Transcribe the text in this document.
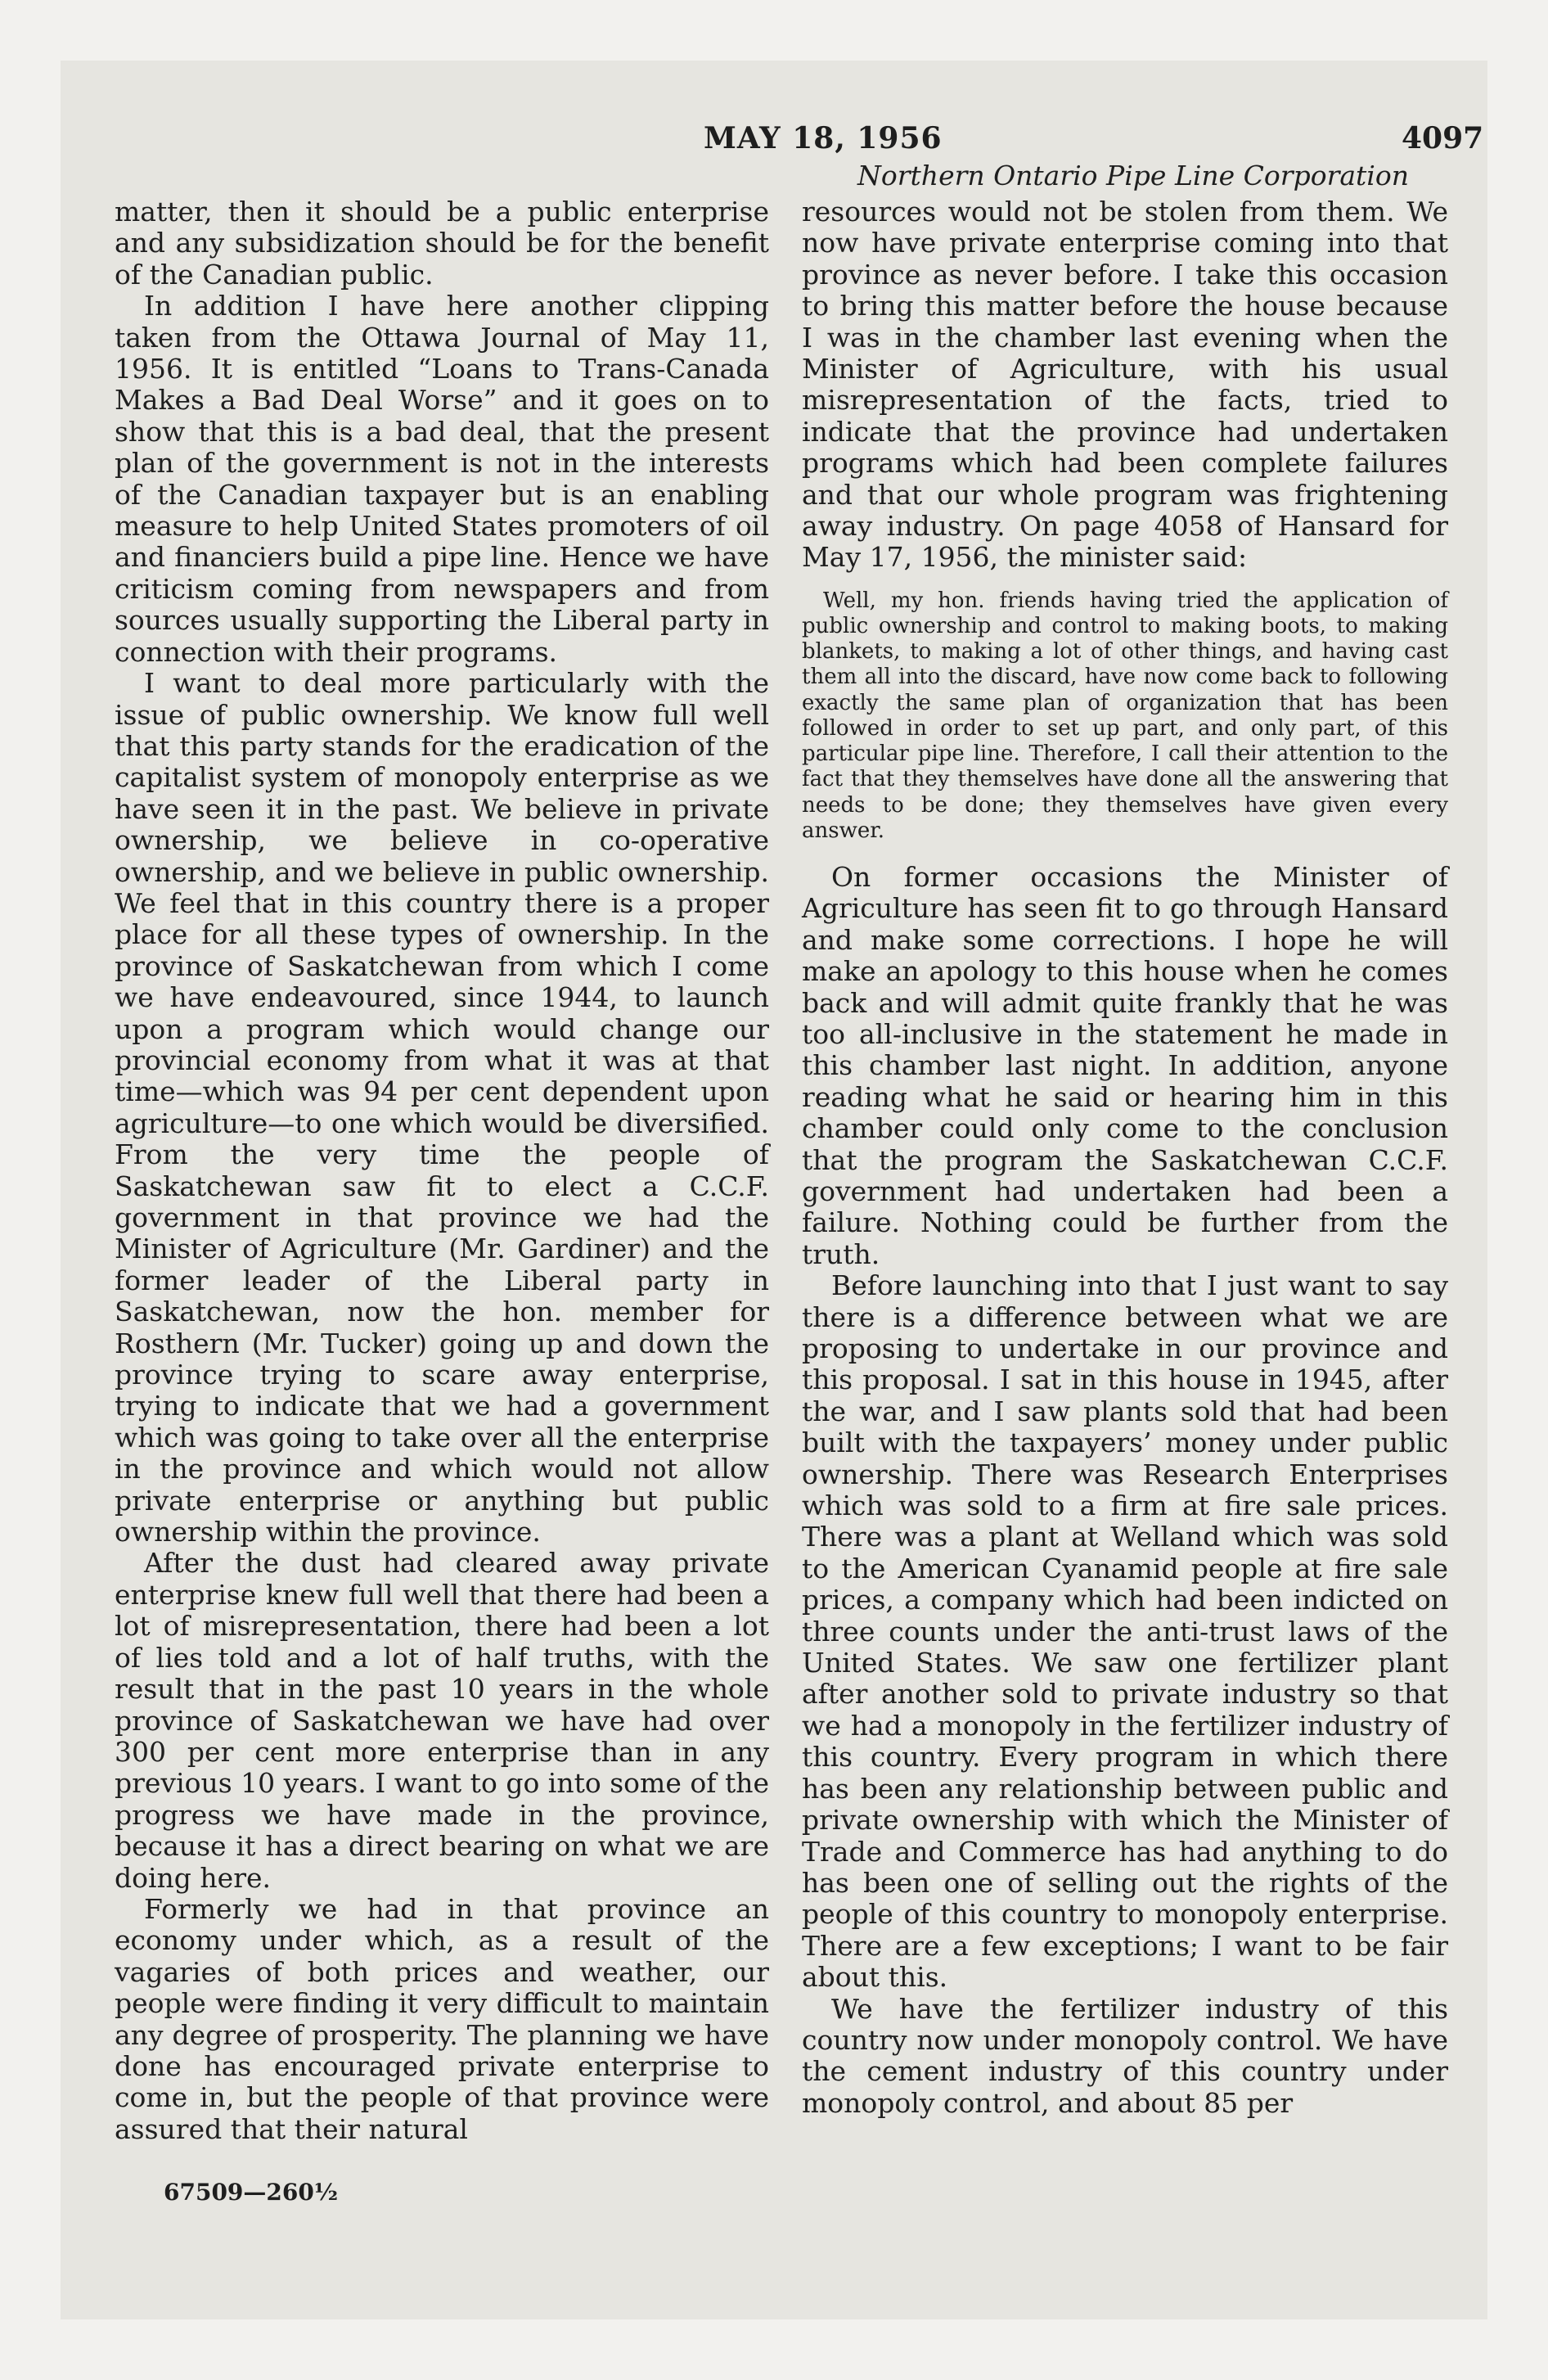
MAY 18, 1956	4097
Northern Ontario Pipe Line Corporation

matter, then it should be a public enterprise and any subsidization should be for the benefit of the Canadian public.

In addition I have here another clipping taken from the Ottawa Journal of May 11, 1956. It is entitled “Loans to Trans-Canada Makes a Bad Deal Worse” and it goes on to show that this is a bad deal, that the present plan of the government is not in the interests of the Canadian taxpayer but is an enabling measure to help United States promoters of oil and financiers build a pipe line. Hence we have criticism coming from newspapers and from sources usually supporting the Liberal party in connection with their programs.

I want to deal more particularly with the issue of public ownership. We know full well that this party stands for the eradication of the capitalist system of monopoly enterprise as we have seen it in the past. We believe in private ownership, we believe in co-operative ownership, and we believe in public ownership. We feel that in this country there is a proper place for all these types of ownership. In the province of Saskatchewan from which I come we have endeavoured, since 1944, to launch upon a program which would change our provincial economy from what it was at that time—which was 94 per cent dependent upon agriculture—to one which would be diversified. From the very time the people of Saskatchewan saw fit to elect a C.C.F. government in that province we had the Minister of Agriculture (Mr. Gardiner) and the former leader of the Liberal party in Saskatchewan, now the hon. member for Rosthern (Mr. Tucker) going up and down the province trying to scare away enterprise, trying to indicate that we had a government which was going to take over all the enterprise in the province and which would not allow private enterprise or anything but public ownership within the province.

After the dust had cleared away private enterprise knew full well that there had been a lot of misrepresentation, there had been a lot of lies told and a lot of half truths, with the result that in the past 10 years in the whole province of Saskatchewan we have had over 300 per cent more enterprise than in any previous 10 years. I want to go into some of the progress we have made in the province, because it has a direct bearing on what we are doing here.

Formerly we had in that province an economy under which, as a result of the vagaries of both prices and weather, our people were finding it very difficult to maintain any degree of prosperity. The planning we have done has encouraged private enterprise to come in, but the people of that province were assured that their natural

resources would not be stolen from them. We now have private enterprise coming into that province as never before. I take this occasion to bring this matter before the house because I was in the chamber last evening when the Minister of Agriculture, with his usual misrepresentation of the facts, tried to indicate that the province had undertaken programs which had been complete failures and that our whole program was frightening away industry. On page 4058 of Hansard for May 17, 1956, the minister said:

Well, my hon. friends having tried the application of public ownership and control to making boots, to making blankets, to making a lot of other things, and having cast them all into the discard, have now come back to following exactly the same plan of organization that has been followed in order to set up part, and only part, of this particular pipe line. Therefore, I call their attention to the fact that they themselves have done all the answering that needs to be done; they themselves have given every answer.

On former occasions the Minister of Agriculture has seen fit to go through Hansard and make some corrections. I hope he will make an apology to this house when he comes back and will admit quite frankly that he was too all-inclusive in the statement he made in this chamber last night. In addition, anyone reading what he said or hearing him in this chamber could only come to the conclusion that the program the Saskatchewan C.C.F. government had undertaken had been a failure. Nothing could be further from the truth.

Before launching into that I just want to say there is a difference between what we are proposing to undertake in our province and this proposal. I sat in this house in 1945, after the war, and I saw plants sold that had been built with the taxpayers’ money under public ownership. There was Research Enterprises which was sold to a firm at fire sale prices. There was a plant at Welland which was sold to the American Cyanamid people at fire sale prices, a company which had been indicted on three counts under the anti-trust laws of the United States. We saw one fertilizer plant after another sold to private industry so that we had a monopoly in the fertilizer industry of this country. Every program in which there has been any relationship between public and private ownership with which the Minister of Trade and Commerce has had anything to do has been one of selling out the rights of the people of this country to monopoly enterprise. There are a few exceptions; I want to be fair about this.

We have the fertilizer industry of this country now under monopoly control. We have the cement industry of this country under monopoly control, and about 85 per

67509—260½
